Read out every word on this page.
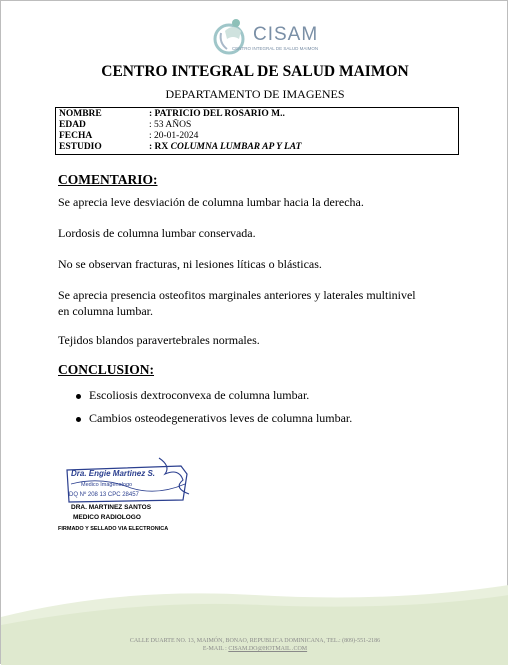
CISAM
CENTRO INTEGRAL DE SALUD MAIMON
CENTRO INTEGRAL DE SALUD MAIMON
DEPARTAMENTO DE IMAGENES
NOMBRE	: PATRICIO DEL ROSARIO M..
EDAD	: 53 AÑOS
FECHA	: 20-01-2024
ESTUDIO	: RX COLUMNA LUMBAR AP Y LAT
COMENTARIO:
Se aprecia leve desviación de columna lumbar hacia la derecha.
Lordosis de columna lumbar conservada.
No se observan fracturas, ni lesiones líticas o blásticas.
Se aprecia presencia osteofitos marginales anteriores y laterales multinivel en columna lumbar.
Tejidos blandos paravertebrales normales.
CONCLUSION:
Escoliosis dextroconvexa de columna lumbar.
Cambios osteodegenerativos leves de columna lumbar.
Dra. Engie Martinez S.
Medico Imagenologo
DQ Nº 208 13 CPC 28457
DRA. MARTINEZ SANTOS
MEDICO RADIOLOGO
FIRMADO Y SELLADO VIA ELECTRONICA
CALLE DUARTE NO. 13, MAIMÓN, BONAO, REPUBLICA DOMINICANA, TEL.: (809)-551-2186
E-MAIL : CISAM.DO@HOTMAIL .COM
